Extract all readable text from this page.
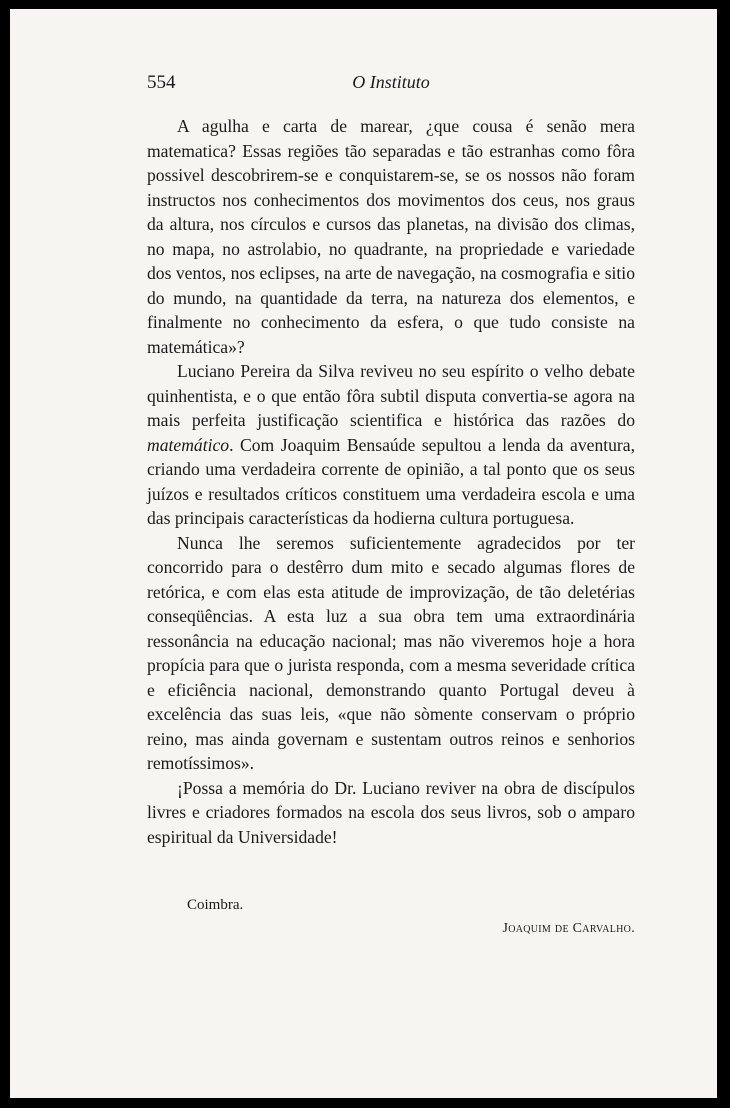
554	O Instituto

A agulha e carta de marear, ¿que cousa é senão mera matematica? Essas regiões tão separadas e tão estranhas como fôra possivel descobrirem-se e conquistarem-se, se os nossos não foram instructos nos conhecimentos dos movimentos dos ceus, nos graus da altura, nos círculos e cursos das planetas, na divisão dos climas, no mapa, no astrolabio, no quadrante, na propriedade e variedade dos ventos, nos eclipses, na arte de navegação, na cosmografia e sitio do mundo, na quantidade da terra, na natureza dos elementos, e finalmente no conhecimento da esfera, o que tudo consiste na matemática»?

Luciano Pereira da Silva reviveu no seu espírito o velho debate quinhentista, e o que então fôra subtil disputa convertia-se agora na mais perfeita justificação scientifica e histórica das razões do matemático. Com Joaquim Bensaúde sepultou a lenda da aventura, criando uma verdadeira corrente de opinião, a tal ponto que os seus juízos e resultados críticos constituem uma verdadeira escola e uma das principais características da hodierna cultura portuguesa.

Nunca lhe seremos suficientemente agradecidos por ter concorrido para o destêrro dum mito e secado algumas flores de retórica, e com elas esta atitude de improvização, de tão deletérias conseqüências. A esta luz a sua obra tem uma extraordinária ressonância na educação nacional; mas não viveremos hoje a hora propícia para que o jurista responda, com a mesma severidade crítica e eficiência nacional, demonstrando quanto Portugal deveu à excelência das suas leis, «que não sòmente conservam o próprio reino, mas ainda governam e sustentam outros reinos e senhorios remotíssimos».

¡Possa a memória do Dr. Luciano reviver na obra de discípulos livres e criadores formados na escola dos seus livros, sob o amparo espiritual da Universidade!

Coimbra.
Joaquim de Carvalho.
